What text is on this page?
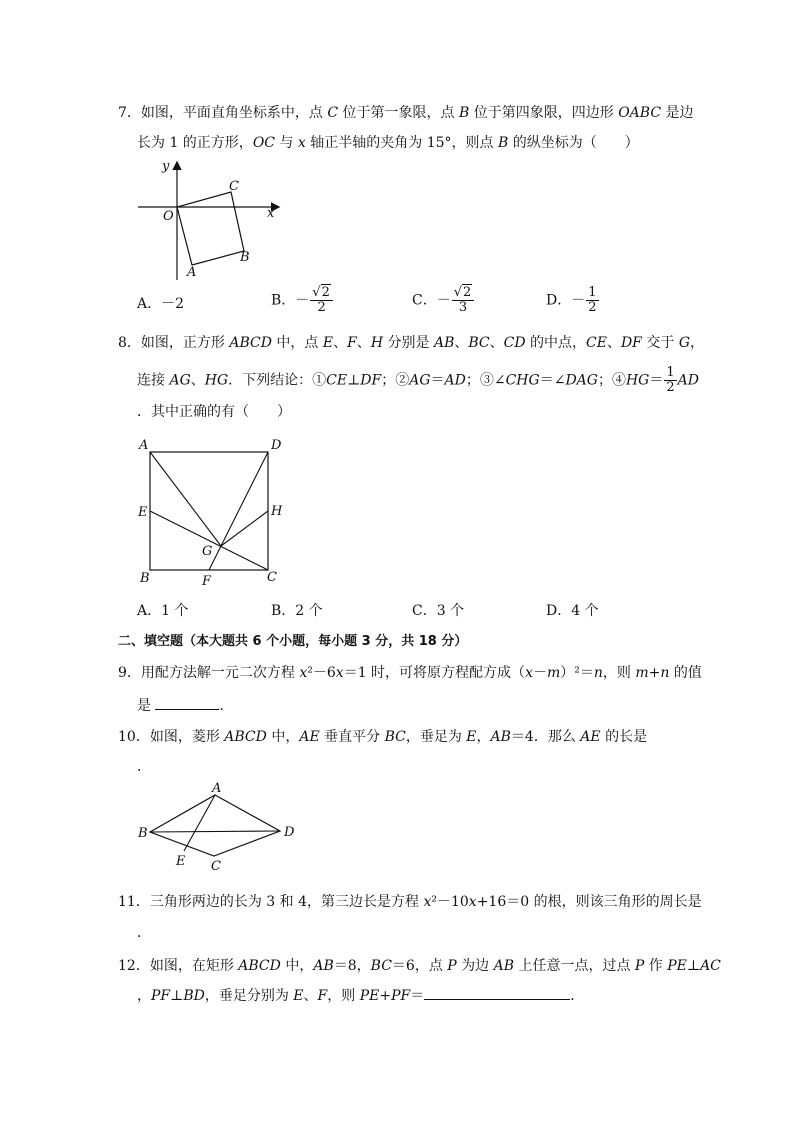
7．如图，平面直角坐标系中，点 C 位于第一象限，点 B 位于第四象限，四边形 OABC 是边
长为 1 的正方形，OC 与 x 轴正半轴的夹角为 15°，则点 B 的纵坐标为（　　）
y
x
O
C
B
A
A．－2	B．－ $\frac{√2}{2}$	C．－ $\frac{√2}{3}$	D．－ $\frac{1}{2}$
8．如图，正方形 ABCD 中，点 E、F、H 分别是 AB、BC、CD 的中点，CE、DF 交于 G，
连接 AG、HG．下列结论：①CE⊥DF；②AG＝AD；③∠CHG＝∠DAG；④HG＝ $\frac{1}{2}$ AD
．其中正确的有（　　）
A	D
E	H
G
B	F	C
A．1 个	B．2 个	C．3 个	D．4 个
二、填空题（本大题共 6 个小题，每小题 3 分，共 18 分）
9．用配方法解一元二次方程 x²－6x＝1 时，可将原方程配方成（x－m）²＝n，则 m+n 的值
是	．
10．如图，菱形 ABCD 中，AE 垂直平分 BC，垂足为 E，AB＝4．那么 AE 的长是
．
A
B	D
E C
11．三角形两边的长为 3 和 4，第三边长是方程 x²－10x+16＝0 的根，则该三角形的周长是
．
12．如图，在矩形 ABCD 中，AB＝8，BC＝6，点 P 为边 AB 上任意一点，过点 P 作 PE⊥AC
，PF⊥BD，垂足分别为 E、F，则 PE+PF＝	．
